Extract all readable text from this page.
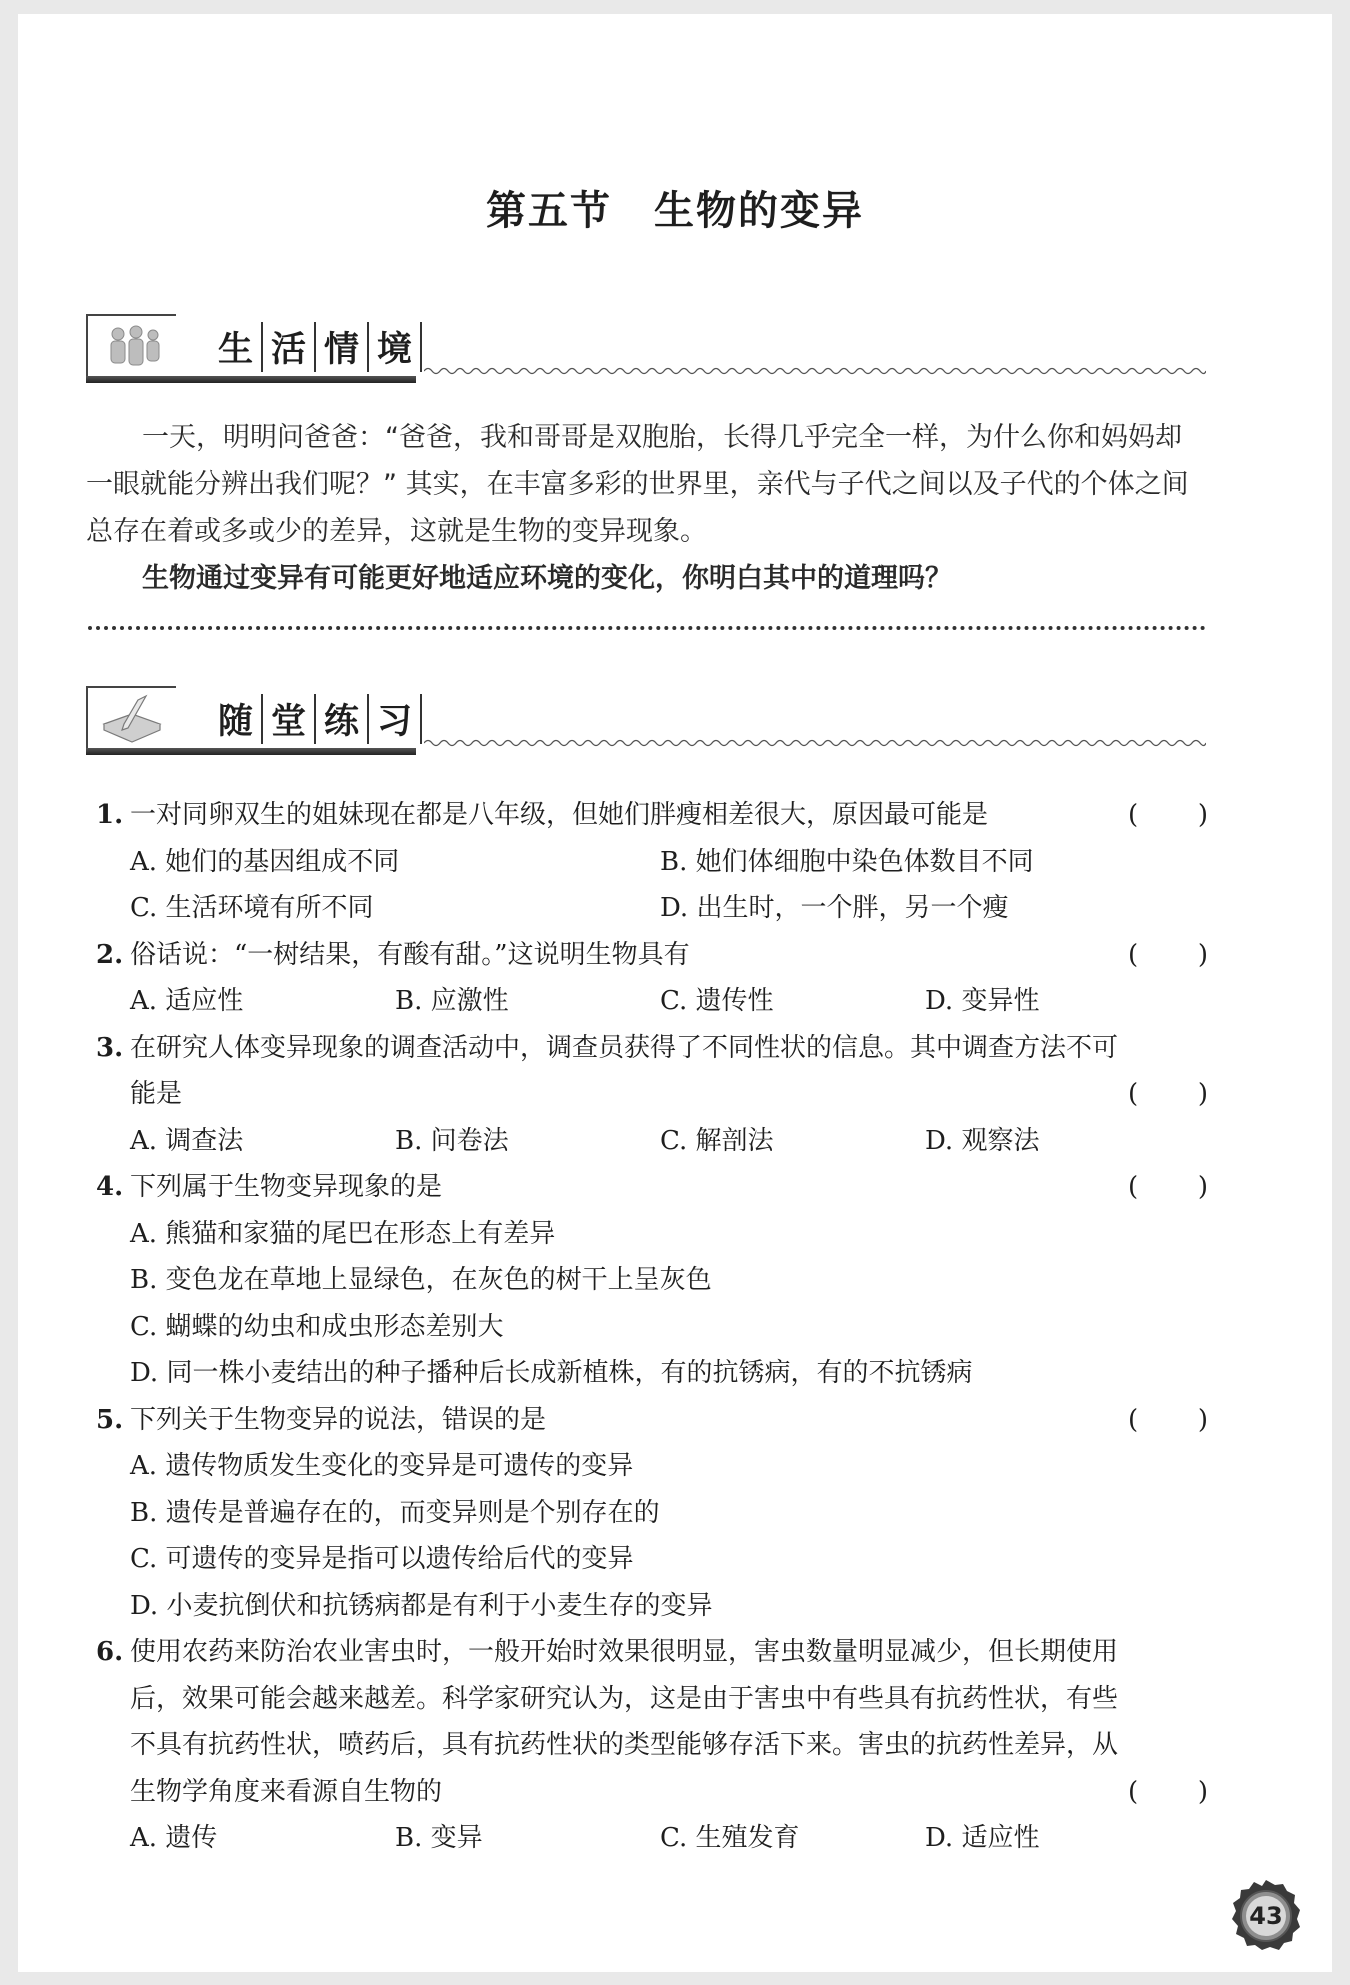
第五节　生物的变异
生 活 情 境

一天，明明问爸爸：“爸爸，我和哥哥是双胞胎，长得几乎完全一样，为什么你和妈妈却一眼就能分辨出我们呢？” 其实，在丰富多彩的世界里，亲代与子代之间以及子代的个体之间总存在着或多或少的差异，这就是生物的变异现象。

生物通过变异有可能更好地适应环境的变化，你明白其中的道理吗？

随 堂 练 习
1. 一对同卵双生的姐妹现在都是八年级，但她们胖瘦相差很大，原因最可能是	( )
A. 她们的基因组成不同	B. 她们体细胞中染色体数目不同
C. 生活环境有所不同	D. 出生时，一个胖，另一个瘦
2. 俗话说：“一树结果，有酸有甜。”这说明生物具有	( )
A. 适应性	B. 应激性	C. 遗传性	D. 变异性
3. 在研究人体变异现象的调查活动中，调查员获得了不同性状的信息。其中调查方法不可能是	( )
A. 调查法	B. 问卷法	C. 解剖法	D. 观察法
4. 下列属于生物变异现象的是	( )
A. 熊猫和家猫的尾巴在形态上有差异
B. 变色龙在草地上显绿色，在灰色的树干上呈灰色
C. 蝴蝶的幼虫和成虫形态差别大
D. 同一株小麦结出的种子播种后长成新植株，有的抗锈病，有的不抗锈病
5. 下列关于生物变异的说法，错误的是	( )
A. 遗传物质发生变化的变异是可遗传的变异
B. 遗传是普遍存在的，而变异则是个别存在的
C. 可遗传的变异是指可以遗传给后代的变异
D. 小麦抗倒伏和抗锈病都是有利于小麦生存的变异
6. 使用农药来防治农业害虫时，一般开始时效果很明显，害虫数量明显减少，但长期使用后，效果可能会越来越差。科学家研究认为，这是由于害虫中有些具有抗药性状，有些不具有抗药性状，喷药后，具有抗药性状的类型能够存活下来。害虫的抗药性差异，从生物学角度来看源自生物的	( )
A. 遗传	B. 变异	C. 生殖发育	D. 适应性
43
